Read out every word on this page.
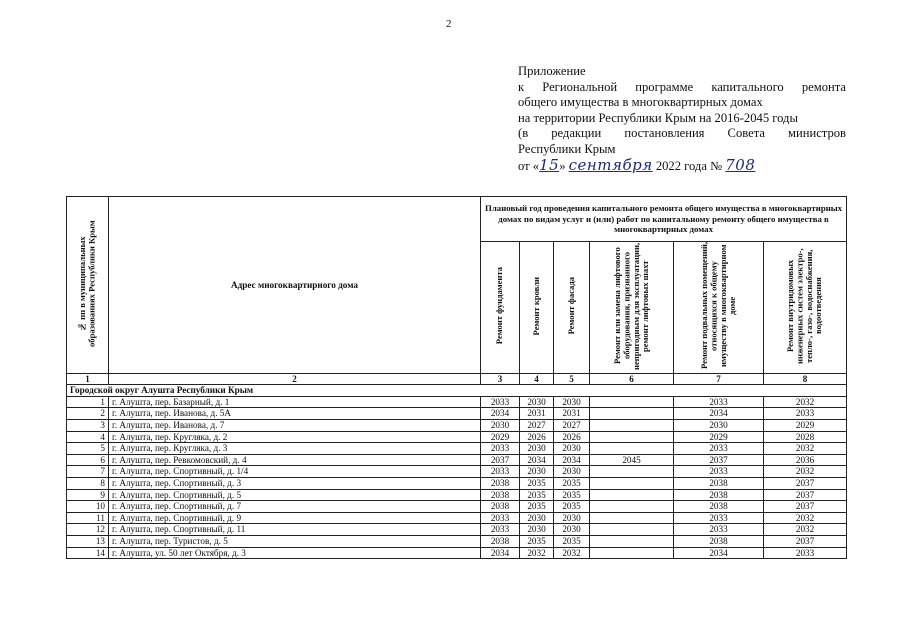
2
Приложение
к Региональной программе капитального ремонта
общего имущества в многоквартирных домах
на территории Республики Крым на 2016-2045 годы
(в редакции постановления Совета министров
Республики Крым
от «15» сентября 2022 года № 708
№ пп в муниципальных образованиях Республики Крым	Адрес многоквартирного дома	Плановый год проведения капитального ремонта общего имущества в многоквартирных домах по видам услуг и (или) работ по капитальному ремонту общего имущества в многоквартирных домах					
		Ремонт фундамента	Ремонт кровли	Ремонт фасада	Ремонт или замена лифтового оборудования, признанного непригодным для эксплуатации, ремонт лифтовых шахт	Ремонт подвальных помещений, относящихся к общему имуществу в многоквартирном доме	Ремонт внутридомовых инженерных систем электро-, тепло-, газо-, водоснабжения, водоотведения
1	2	3	4	5	6	7	8
Городской округ Алушта Республики Крым							
1	г. Алушта, пер. Базарный, д. 1	2033	2030	2030		2033	2032
2	г. Алушта, пер. Иванова, д. 5А	2034	2031	2031		2034	2033
3	г. Алушта, пер. Иванова, д. 7	2030	2027	2027		2030	2029
4	г. Алушта, пер. Кругляка, д. 2	2029	2026	2026		2029	2028
5	г. Алушта, пер. Кругляка, д. 3	2033	2030	2030		2033	2032
6	г. Алушта, пер. Ревкомовский, д. 4	2037	2034	2034	2045	2037	2036
7	г. Алушта, пер. Спортивный, д. 1/4	2033	2030	2030		2033	2032
8	г. Алушта, пер. Спортивный, д. 3	2038	2035	2035		2038	2037
9	г. Алушта, пер. Спортивный, д. 5	2038	2035	2035		2038	2037
10	г. Алушта, пер. Спортивный, д. 7	2038	2035	2035		2038	2037
11	г. Алушта, пер. Спортивный, д. 9	2033	2030	2030		2033	2032
12	г. Алушта, пер. Спортивный, д. 11	2033	2030	2030		2033	2032
13	г. Алушта, пер. Туристов, д. 5	2038	2035	2035		2038	2037
14	г. Алушта, ул. 50 лет Октября, д. 3	2034	2032	2032		2034	2033
